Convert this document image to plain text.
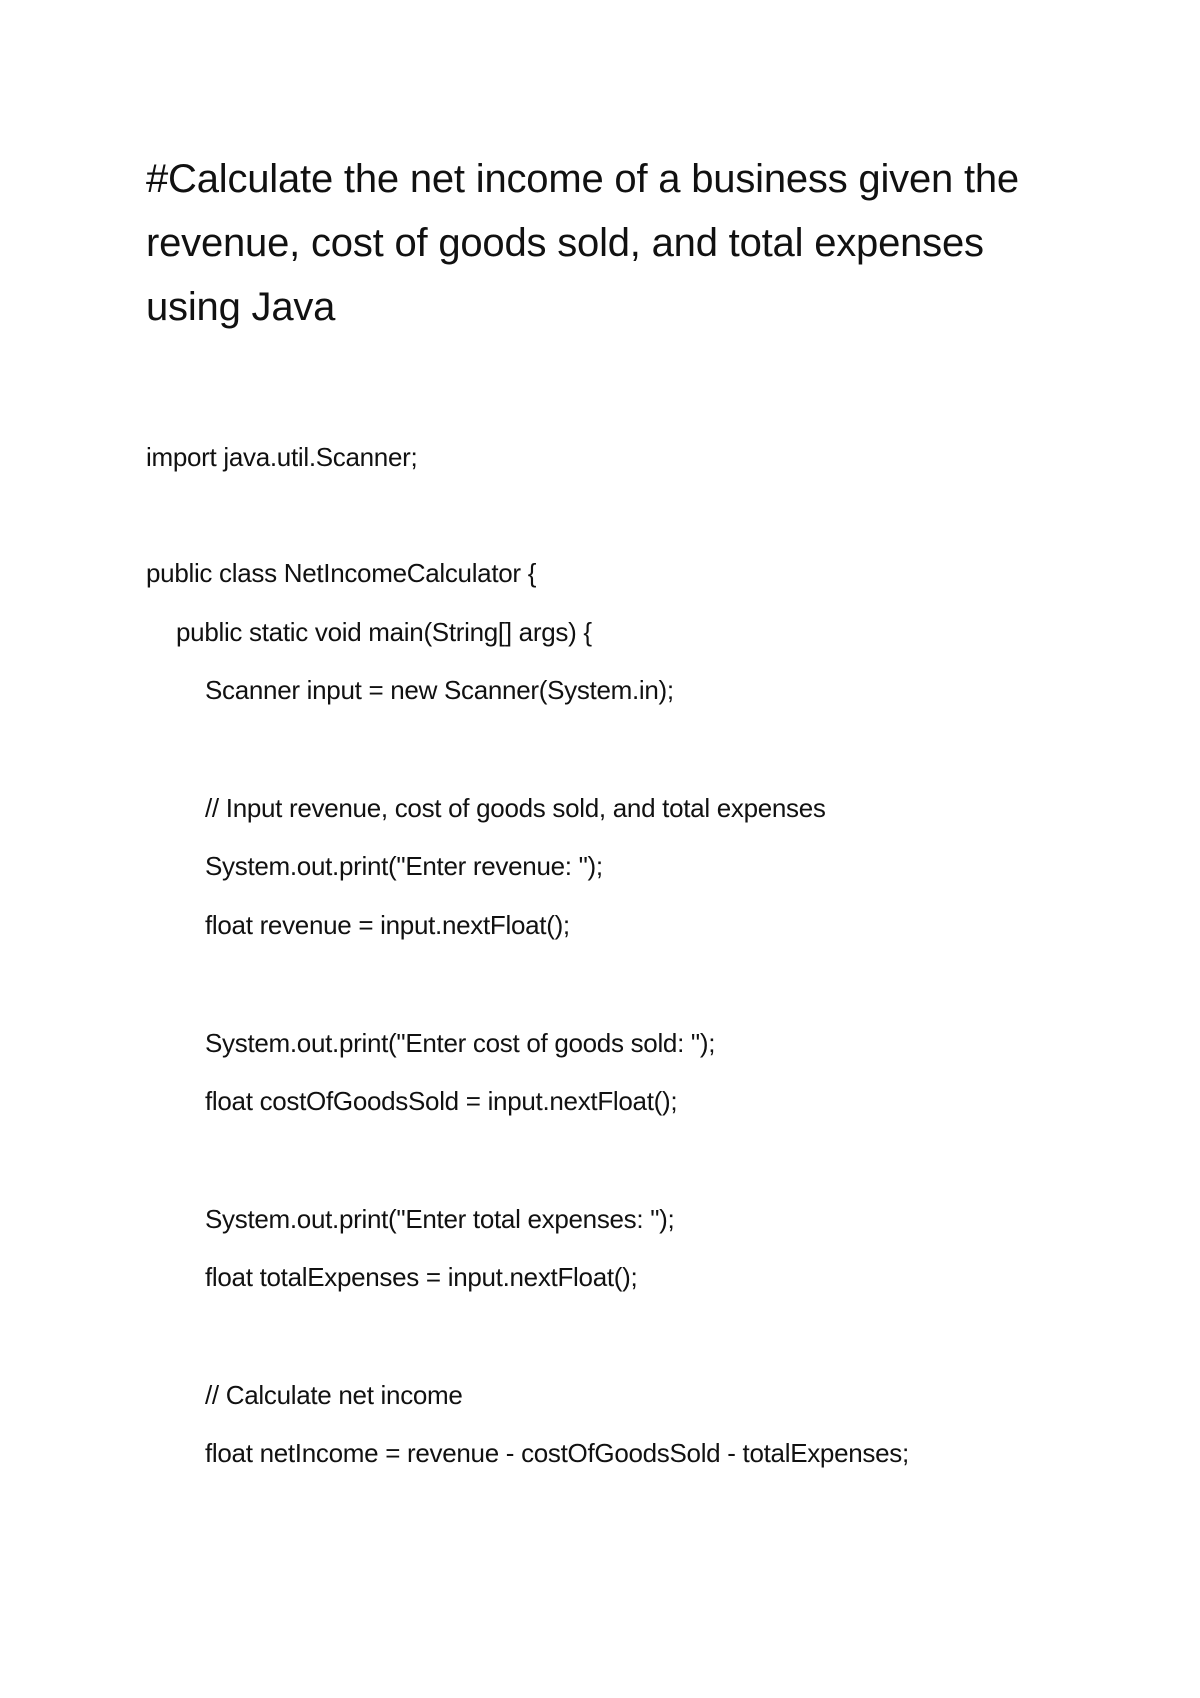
#Calculate the net income of a business given the revenue, cost of goods sold, and total expenses using Java
import java.util.Scanner;
public class NetIncomeCalculator {
public static void main(String[] args) {
Scanner input = new Scanner(System.in);
// Input revenue, cost of goods sold, and total expenses
System.out.print("Enter revenue: ");
float revenue = input.nextFloat();
System.out.print("Enter cost of goods sold: ");
float costOfGoodsSold = input.nextFloat();
System.out.print("Enter total expenses: ");
float totalExpenses = input.nextFloat();
// Calculate net income
float netIncome = revenue - costOfGoodsSold - totalExpenses;
